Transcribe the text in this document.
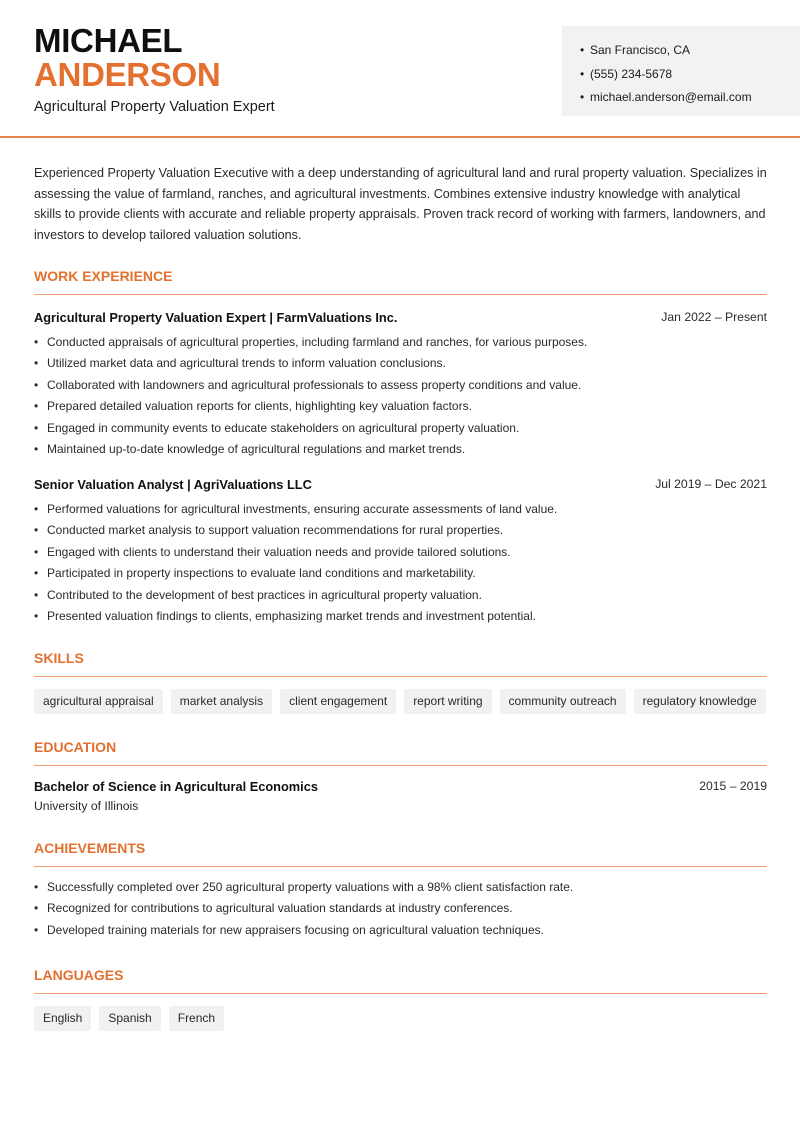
MICHAEL
ANDERSON
Agricultural Property Valuation Expert
• San Francisco, CA
• (555) 234-5678
• michael.anderson@email.com

Experienced Property Valuation Executive with a deep understanding of agricultural land and rural property valuation. Specializes in assessing the value of farmland, ranches, and agricultural investments. Combines extensive industry knowledge with analytical skills to provide clients with accurate and reliable property appraisals. Proven track record of working with farmers, landowners, and investors to develop tailored valuation solutions.

WORK EXPERIENCE
Agricultural Property Valuation Expert | FarmValuations Inc.	Jan 2022 – Present
• Conducted appraisals of agricultural properties, including farmland and ranches, for various purposes.
• Utilized market data and agricultural trends to inform valuation conclusions.
• Collaborated with landowners and agricultural professionals to assess property conditions and value.
• Prepared detailed valuation reports for clients, highlighting key valuation factors.
• Engaged in community events to educate stakeholders on agricultural property valuation.
• Maintained up-to-date knowledge of agricultural regulations and market trends.
Senior Valuation Analyst | AgriValuations LLC	Jul 2019 – Dec 2021
• Performed valuations for agricultural investments, ensuring accurate assessments of land value.
• Conducted market analysis to support valuation recommendations for rural properties.
• Engaged with clients to understand their valuation needs and provide tailored solutions.
• Participated in property inspections to evaluate land conditions and marketability.
• Contributed to the development of best practices in agricultural property valuation.
• Presented valuation findings to clients, emphasizing market trends and investment potential.
SKILLS
agricultural appraisal	market analysis	client engagement	report writing	community outreach	regulatory knowledge
EDUCATION
Bachelor of Science in Agricultural Economics	2015 – 2019
University of Illinois
ACHIEVEMENTS
• Successfully completed over 250 agricultural property valuations with a 98% client satisfaction rate.
• Recognized for contributions to agricultural valuation standards at industry conferences.
• Developed training materials for new appraisers focusing on agricultural valuation techniques.
LANGUAGES
English	Spanish	French
